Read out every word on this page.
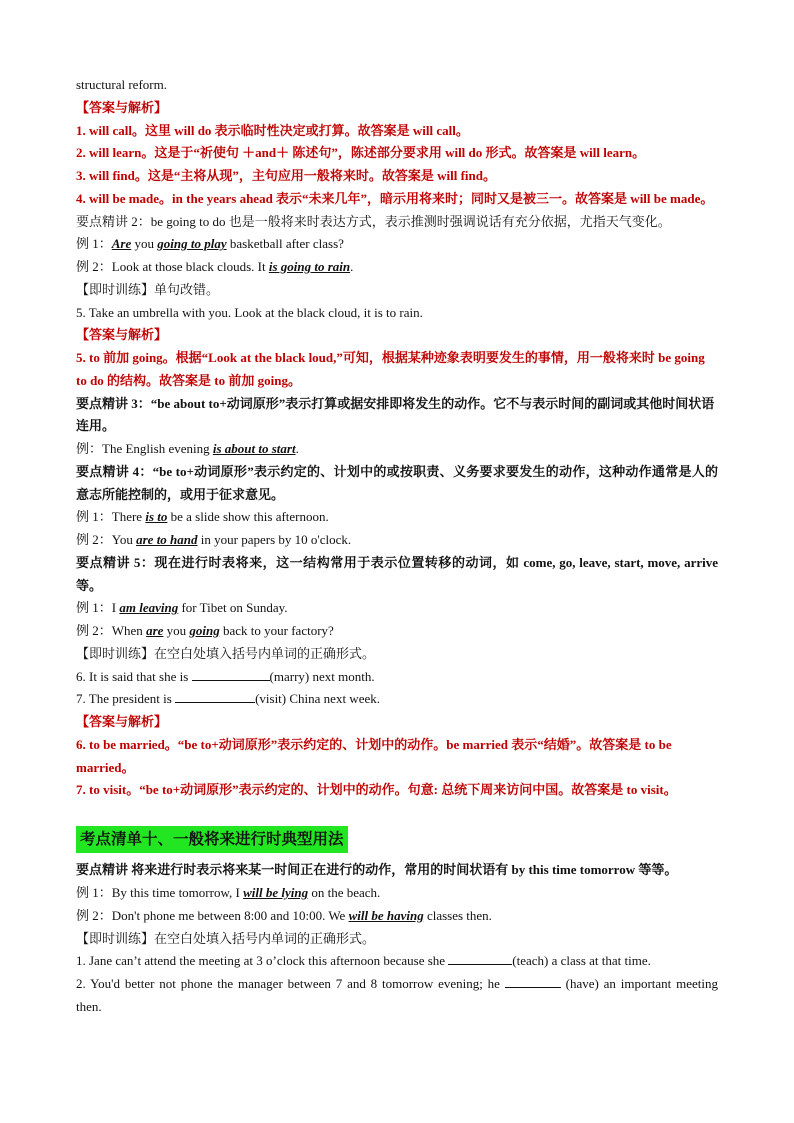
structural reform.
【答案与解析】
1. will call。这里 will do 表示临时性决定或打算。故答案是 will call。
2. will learn。这是于“祈使句 ＋and＋ 陈述句”，陈述部分要求用 will do 形式。故答案是 will learn。
3. will find。这是“主将从现”，主句应用一般将来时。故答案是 will find。
4. will be made。in the years ahead 表示“未来几年”，暗示用将来时；同时又是被三一。故答案是 will be made。
要点精讲 2：be going to do 也是一般将来时表达方式，表示推测时强调说话有充分依据，尤指天气变化。
例 1：Are you going to play basketball after class?
例 2：Look at those black clouds. It is going to rain.
【即时训练】单句改错。
5. Take an umbrella with you. Look at the black cloud, it is to rain.
【答案与解析】
5. to 前加 going。根据“Look at the black loud,”可知，根据某种迹象表明要发生的事情，用一般将来时 be going to do 的结构。故答案是 to 前加 going。
要点精讲 3：“be about to+动词原形”表示打算或据安排即将发生的动作。它不与表示时间的副词或其他时间状语连用。
例：The English evening is about to start.
要点精讲 4：“be to+动词原形”表示约定的、计划中的或按职责、义务要求要发生的动作，这种动作通常是人的意志所能控制的，或用于征求意见。
例 1：There is to be a slide show this afternoon.
例 2：You are to hand in your papers by 10 o'clock.
要点精讲 5：现在进行时表将来，这一结构常用于表示位置转移的动词，如 come, go, leave, start, move, arrive 等。
例 1：I am leaving for Tibet on Sunday.
例 2：When are you going back to your factory?
【即时训练】在空白处填入括号内单词的正确形式。
6. It is said that she is	(marry) next month.
7. The president is	(visit) China next week.
【答案与解析】
6. to be married。“be to+动词原形”表示约定的、计划中的动作。be married 表示“结婚”。故答案是 to be married。
7. to visit。“be to+动词原形”表示约定的、计划中的动作。句意: 总统下周来访问中国。故答案是 to visit。
考点清单十、一般将来进行时典型用法
要点精讲 将来进行时表示将来某一时间正在进行的动作，常用的时间状语有 by this time tomorrow 等等。
例 1：By this time tomorrow, I will be lying on the beach.
例 2：Don't phone me between 8:00 and 10:00. We will be having classes then.
【即时训练】在空白处填入括号内单词的正确形式。
1. Jane can’t attend the meeting at 3 o’clock this afternoon because she	(teach) a class at that time.
2. You'd better not phone the manager between 7 and 8 tomorrow evening; he	(have) an important meeting then.
